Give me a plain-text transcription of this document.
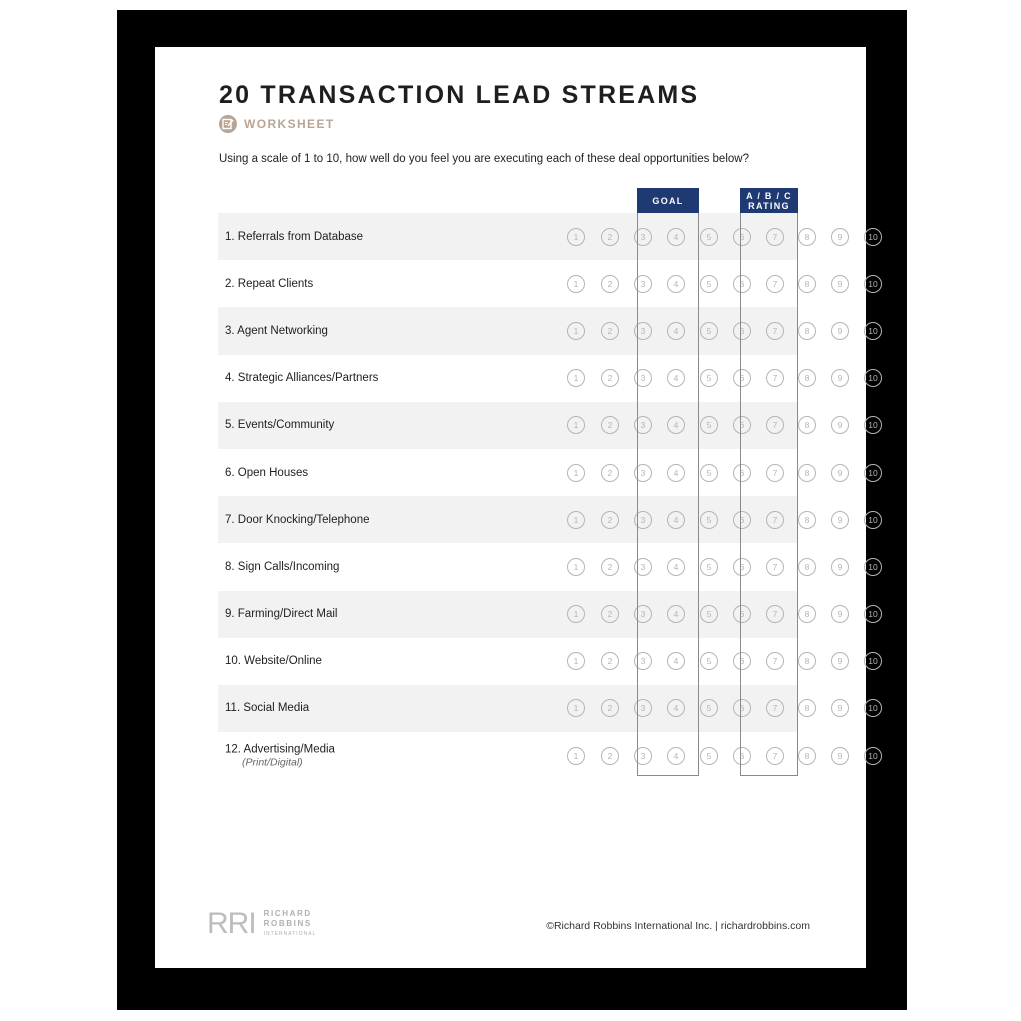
20 TRANSACTION LEAD STREAMS
WORKSHEET
Using a scale of 1 to 10, how well do you feel you are executing each of these deal opportunities below?
GOAL	A / B / C
RATING
1. Referrals from Database	1	2	3	4	5	6	7	8	9	10
2. Repeat Clients	1	2	3	4	5	6	7	8	9	10
3. Agent Networking	1	2	3	4	5	6	7	8	9	10
4. Strategic Alliances/Partners	1	2	3	4	5	6	7	8	9	10
5. Events/Community	1	2	3	4	5	6	7	8	9	10
6. Open Houses	1	2	3	4	5	6	7	8	9	10
7. Door Knocking/Telephone	1	2	3	4	5	6	7	8	9	10
8. Sign Calls/Incoming	1	2	3	4	5	6	7	8	9	10
9. Farming/Direct Mail	1	2	3	4	5	6	7	8	9	10
10. Website/Online	1	2	3	4	5	6	7	8	9	10
11. Social Media	1	2	3	4	5	6	7	8	9	10
12. Advertising/Media
(Print/Digital)
1	2	3	4	5	6	7	8	9	10
RRI RICHARD
ROBBINS
INTERNATIONAL
©Richard Robbins International Inc. | richardrobbins.com
